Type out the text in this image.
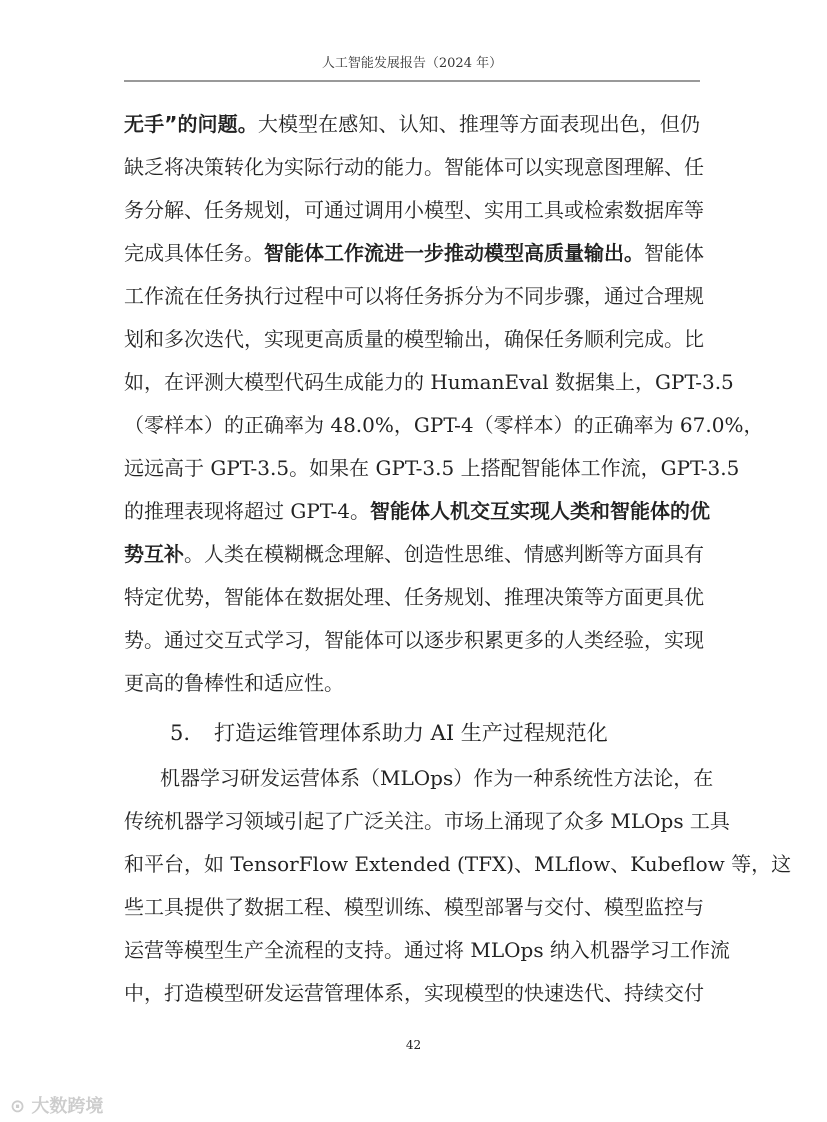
人工智能发展报告（2024 年）
无手”的问题。大模型在感知、认知、推理等方面表现出色，但仍
缺乏将决策转化为实际行动的能力。智能体可以实现意图理解、任
务分解、任务规划，可通过调用小模型、实用工具或检索数据库等
完成具体任务。智能体工作流进一步推动模型高质量输出。智能体
工作流在任务执行过程中可以将任务拆分为不同步骤，通过合理规
划和多次迭代，实现更高质量的模型输出，确保任务顺利完成。比
如，在评测大模型代码生成能力的 HumanEval 数据集上，GPT-3.5
（零样本）的正确率为 48.0%，GPT-4（零样本）的正确率为 67.0%，
远远高于 GPT-3.5。如果在 GPT-3.5 上搭配智能体工作流，GPT-3.5
的推理表现将超过 GPT-4。智能体人机交互实现人类和智能体的优
势互补。人类在模糊概念理解、创造性思维、情感判断等方面具有
特定优势，智能体在数据处理、任务规划、推理决策等方面更具优
势。通过交互式学习，智能体可以逐步积累更多的人类经验，实现
更高的鲁棒性和适应性。
5. 打造运维管理体系助力 AI 生产过程规范化
机器学习研发运营体系（MLOps）作为一种系统性方法论，在
传统机器学习领域引起了广泛关注。市场上涌现了众多 MLOps 工具
和平台，如 TensorFlow Extended (TFX)、MLflow、Kubeflow 等，这
些工具提供了数据工程、模型训练、模型部署与交付、模型监控与
运营等模型生产全流程的支持。通过将 MLOps 纳入机器学习工作流
中，打造模型研发运营管理体系，实现模型的快速迭代、持续交付
42
⊙ 大数跨境
